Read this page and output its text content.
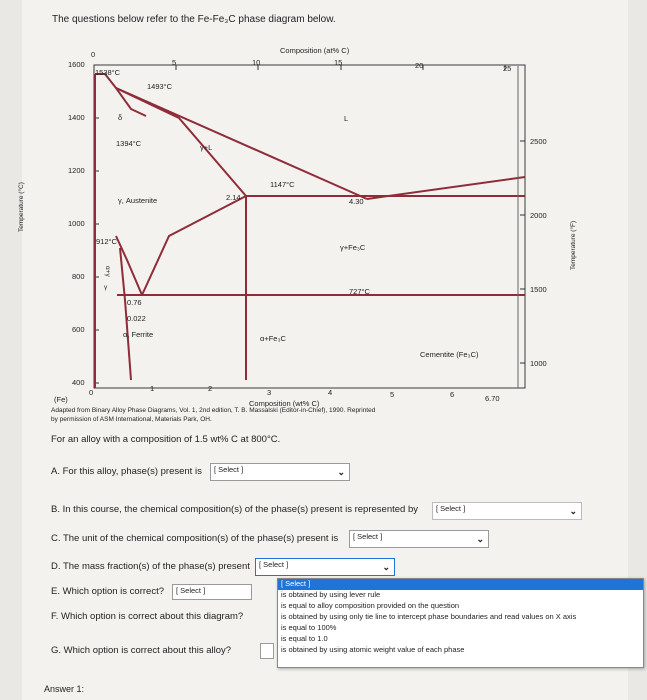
The questions below refer to the Fe-Fe₃C phase diagram below.
Composition (at% C)
0
5	10	15	20	25
1600
1400
1200
1000
800
600
400
Temperature (°C)
2500
2000
1500
1000
Temperature (°F)
0	1	2	3	4	5	6	6.70
(Fe)	Composition (wt% C)
1538°C
1493°C
δ	L
1394°C	γ+L
1147°C
2.14	4.30
γ, Austenite
912°C
γ+Fe₃C
727°C
α+γ
γ
0.76
0.022
α, Ferrite	α+Fe₃C
Cementite (Fe₃C)
Adapted from Binary Alloy Phase Diagrams, Vol. 1, 2nd edition, T. B. Massalski (Editor-in-Chief), 1990. Reprinted
by permission of ASM International, Materials Park, OH.
For an alloy with a composition of 1.5 wt% C at 800°C.
A. For this alloy, phase(s) present is	[ Select ]	⌄
B. In this course, the chemical composition(s) of the phase(s) present is represented by	[ Select ]	⌄
C. The unit of the chemical composition(s) of the phase(s) present is	[ Select ]	⌄
D. The mass fraction(s) of the phase(s) present	[ Select ]	⌄
E. Which option is correct?	[ Select ]
F. Which option is correct about this diagram?
G. Which option is correct about this alloy?
[ Select ]
is obtained by using lever rule
is equal to alloy composition provided on the question
is obtained by using only tie line to intercept phase boundaries and read values on X axis
is equal to 100%
is equal to 1.0
is obtained by using atomic weight value of each phase
Answer 1:
